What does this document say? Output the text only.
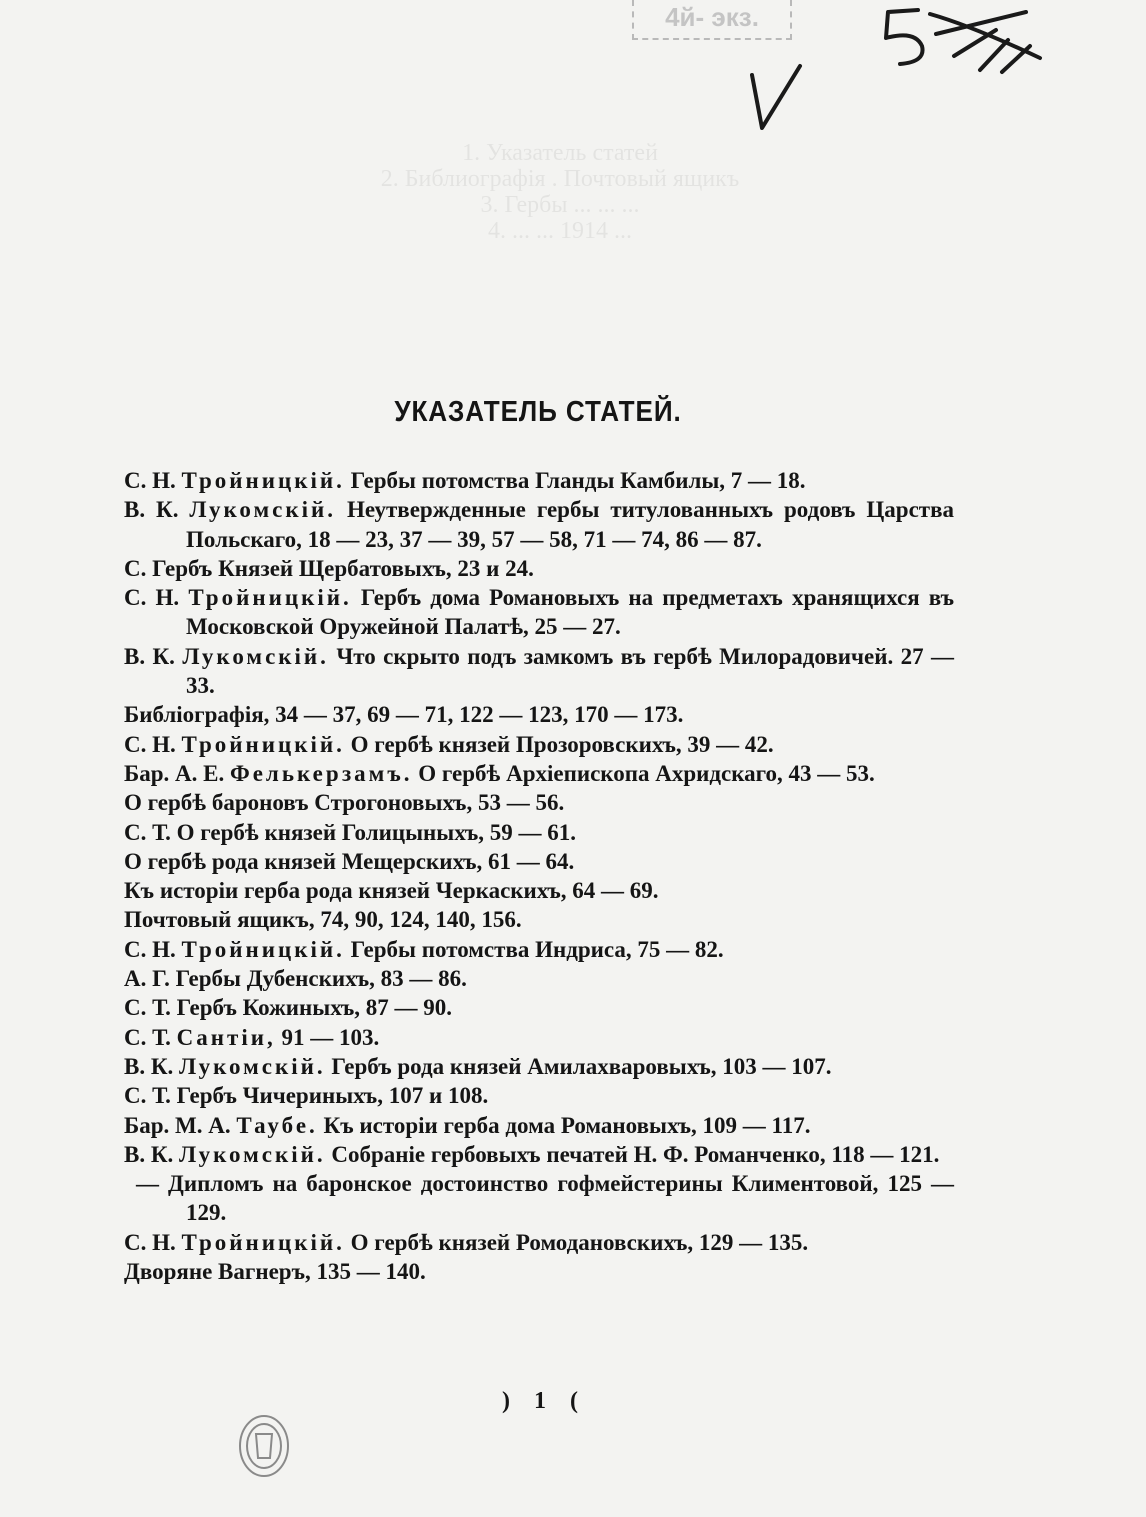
4й- экз.
1. Указатель статей
2. Библиографія . Почтовый ящикъ
3. Гербы ... ... ...
4. ... ... 1914 ...
УКАЗАТЕЛЬ СТАТЕЙ.
С. Н. Тройницкій. Гербы потомства Гланды Камбилы, 7 — 18.
В. К. Лукомскій. Неутвержденные гербы титулованныхъ родовъ Царства Польскаго, 18 — 23, 37 — 39, 57 — 58, 71 — 74, 86 — 87.
С. Гербъ Князей Щербатовыхъ, 23 и 24.
С. Н. Тройницкій. Гербъ дома Романовыхъ на предметахъ хранящихся въ Московской Оружейной Палатѣ, 25 — 27.
В. К. Лукомскій. Что скрыто подъ замкомъ въ гербѣ Милорадовичей. 27 — 33.
Библіографія, 34 — 37, 69 — 71, 122 — 123, 170 — 173.
С. Н. Тройницкій. О гербѣ князей Прозоровскихъ, 39 — 42.
Бар. А. Е. Фелькерзамъ. О гербѣ Архіепископа Ахридскаго, 43 — 53.
О гербѣ бароновъ Строгоновыхъ, 53 — 56.
С. Т. О гербѣ князей Голицыныхъ, 59 — 61.
О гербѣ рода князей Мещерскихъ, 61 — 64.
Къ исторіи герба рода князей Черкаскихъ, 64 — 69.
Почтовый ящикъ, 74, 90, 124, 140, 156.
С. Н. Тройницкій. Гербы потомства Индриса, 75 — 82.
А. Г. Гербы Дубенскихъ, 83 — 86.
С. Т. Гербъ Кожиныхъ, 87 — 90.
С. Т. Сантіи, 91 — 103.
В. К. Лукомскій. Гербъ рода князей Амилахваровыхъ, 103 — 107.
С. Т. Гербъ Чичериныхъ, 107 и 108.
Бар. М. А. Таубе. Къ исторіи герба дома Романовыхъ, 109 — 117.
В. К. Лукомскій. Собраніе гербовыхъ печатей Н. Ф. Романченко, 118 — 121.
— Дипломъ на баронское достоинство гофмейстерины Климентовой, 125 — 129.
С. Н. Тройницкій. О гербѣ князей Ромодановскихъ, 129 — 135.
Дворяне Вагнеръ, 135 — 140.
) 1 (
